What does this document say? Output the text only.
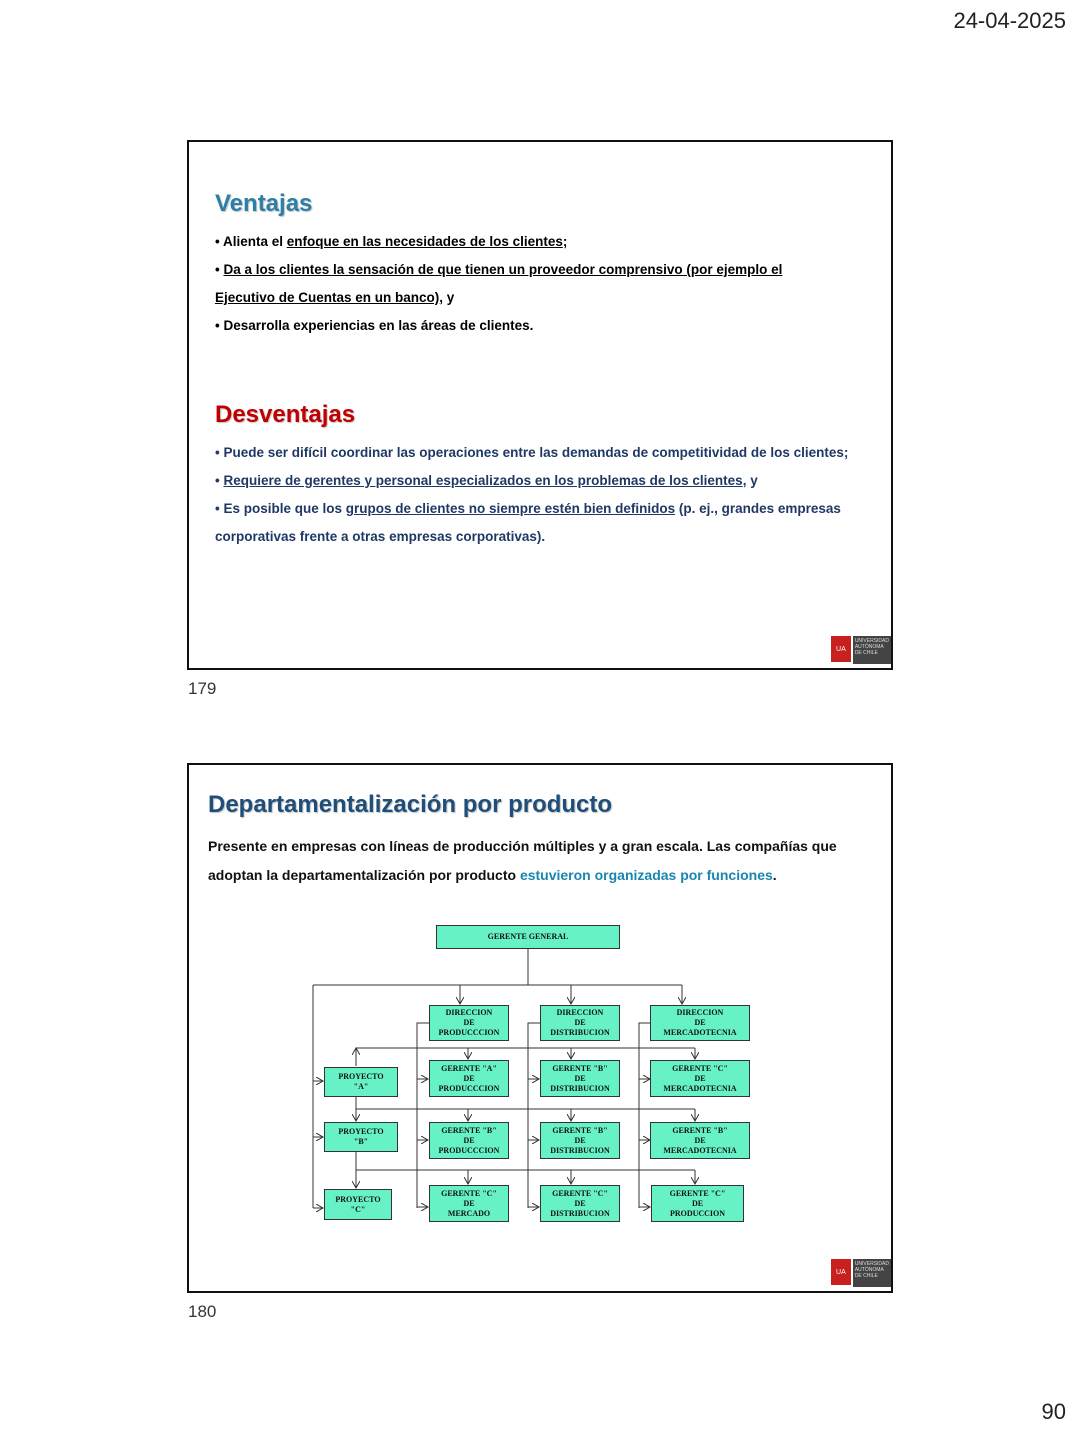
24-04-2025
Ventajas
• Alienta el enfoque en las necesidades de los clientes;
• Da a los clientes la sensación de que tienen un proveedor comprensivo (por ejemplo el Ejecutivo de Cuentas en un banco), y
• Desarrolla experiencias en las áreas de clientes.
Desventajas
• Puede ser difícil coordinar las operaciones entre las demandas de competitividad de los clientes;
• Requiere de gerentes y personal especializados en los problemas de los clientes, y
• Es posible que los grupos de clientes no siempre estén bien definidos (p. ej., grandes empresas corporativas frente a otras empresas corporativas).
UA
UNIVERSIDAD AUTÓNOMA DE CHILE
179
Departamentalización por producto
Presente en empresas con líneas de producción múltiples y a gran escala. Las compañías que adoptan la departamentalización por producto estuvieron organizadas por funciones.
UA
UNIVERSIDAD AUTÓNOMA DE CHILE
180
GERENTE GENERAL
DIRECCION
DE
PRODUCCCION
DIRECCION
DE
DISTRIBUCION
DIRECCION
DE
MERCADOTECNIA
PROYECTO
"A"
PROYECTO
"B"
PROYECTO
"C"
GERENTE "A"
DE
PRODUCCCION
GERENTE "B"
DE
DISTRIBUCION
GERENTE "C"
DE
MERCADOTECNIA
GERENTE "B"
DE
PRODUCCCION
GERENTE "B"
DE
DISTRIBUCION
GERENTE "B"
DE
MERCADOTECNIA
GERENTE "C"
DE
MERCADO
GERENTE "C"
DE
DISTRIBUCION
GERENTE "C"
DE
PRODUCCION
90
